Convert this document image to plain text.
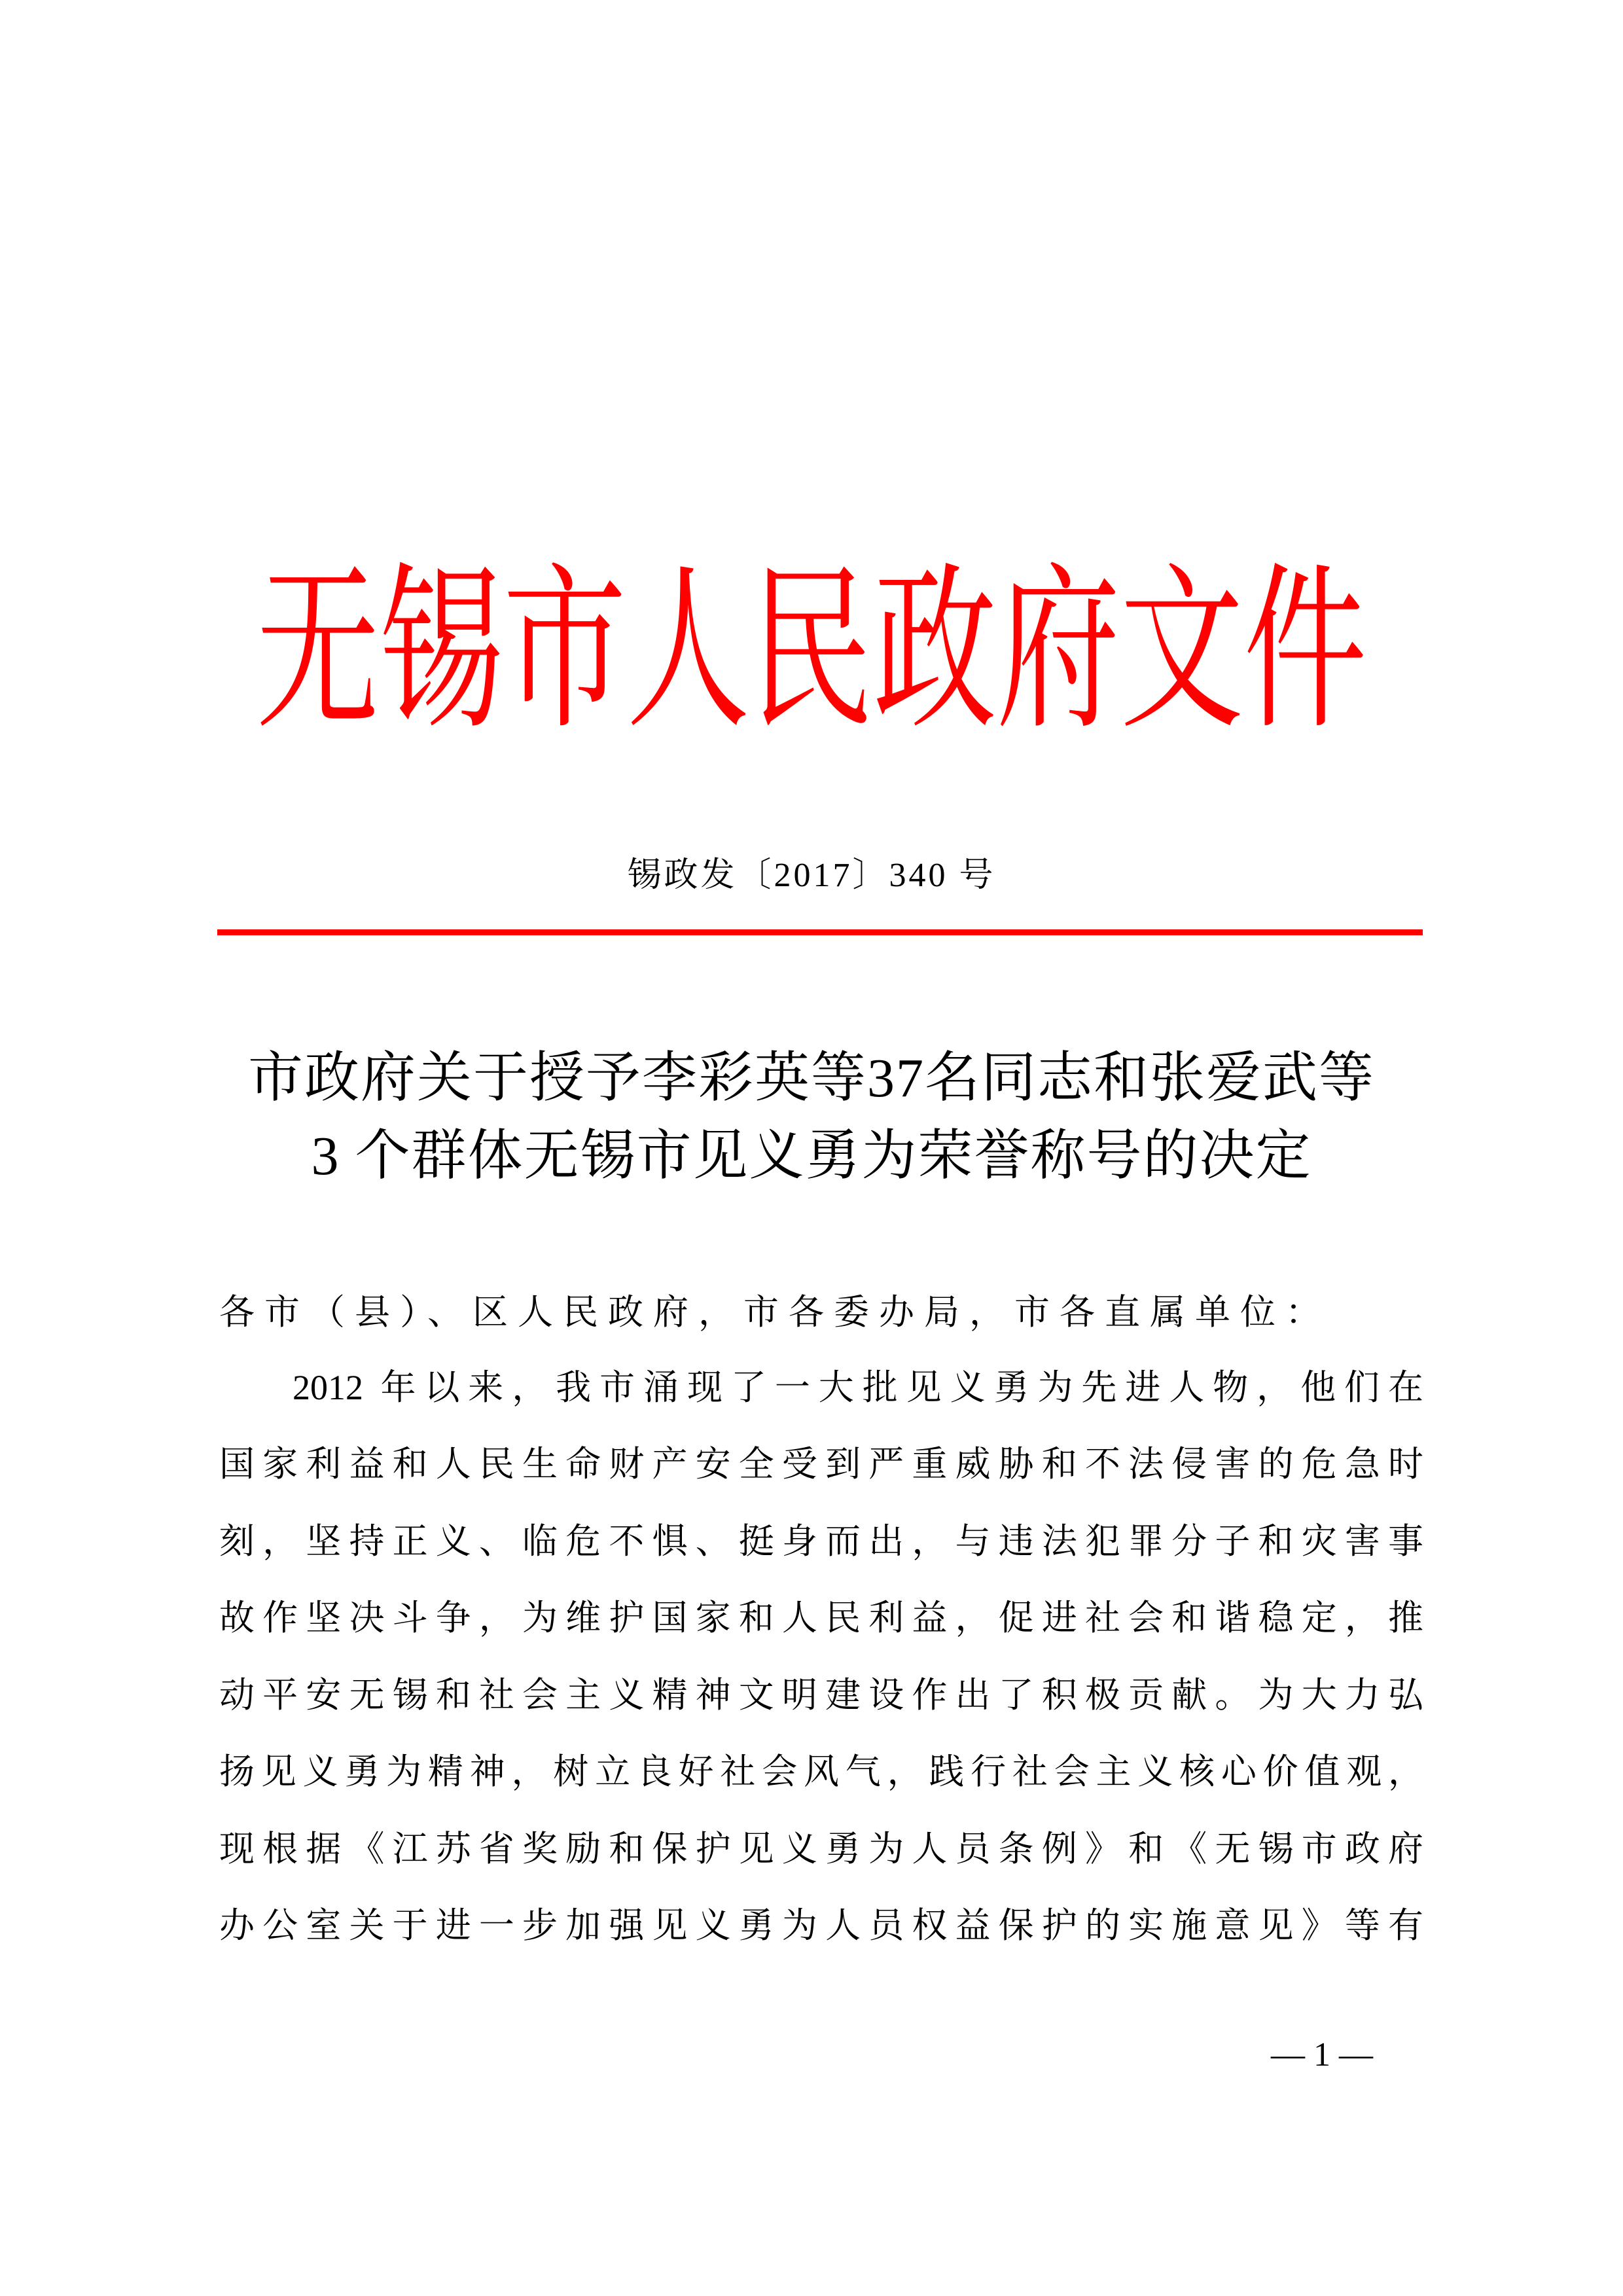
无锡市人民政府文件
锡政发〔2017〕340 号
市政府关于授予李彩英等37名同志和张爱武等
3 个群体无锡市见义勇为荣誉称号的决定
各市（县）、区人民政府，市各委办局，市各直属单位：
2012 年以来，我市涌现了一大批见义勇为先进人物，他们在
国家利益和人民生命财产安全受到严重威胁和不法侵害的危急时
刻，坚持正义、临危不惧、挺身而出，与违法犯罪分子和灾害事
故作坚决斗争，为维护国家和人民利益，促进社会和谐稳定，推
动平安无锡和社会主义精神文明建设作出了积极贡献。为大力弘
扬见义勇为精神，树立良好社会风气，践行社会主义核心价值观，
现根据《江苏省奖励和保护见义勇为人员条例》和《无锡市政府
办公室关于进一步加强见义勇为人员权益保护的实施意见》等有
— 1 —
